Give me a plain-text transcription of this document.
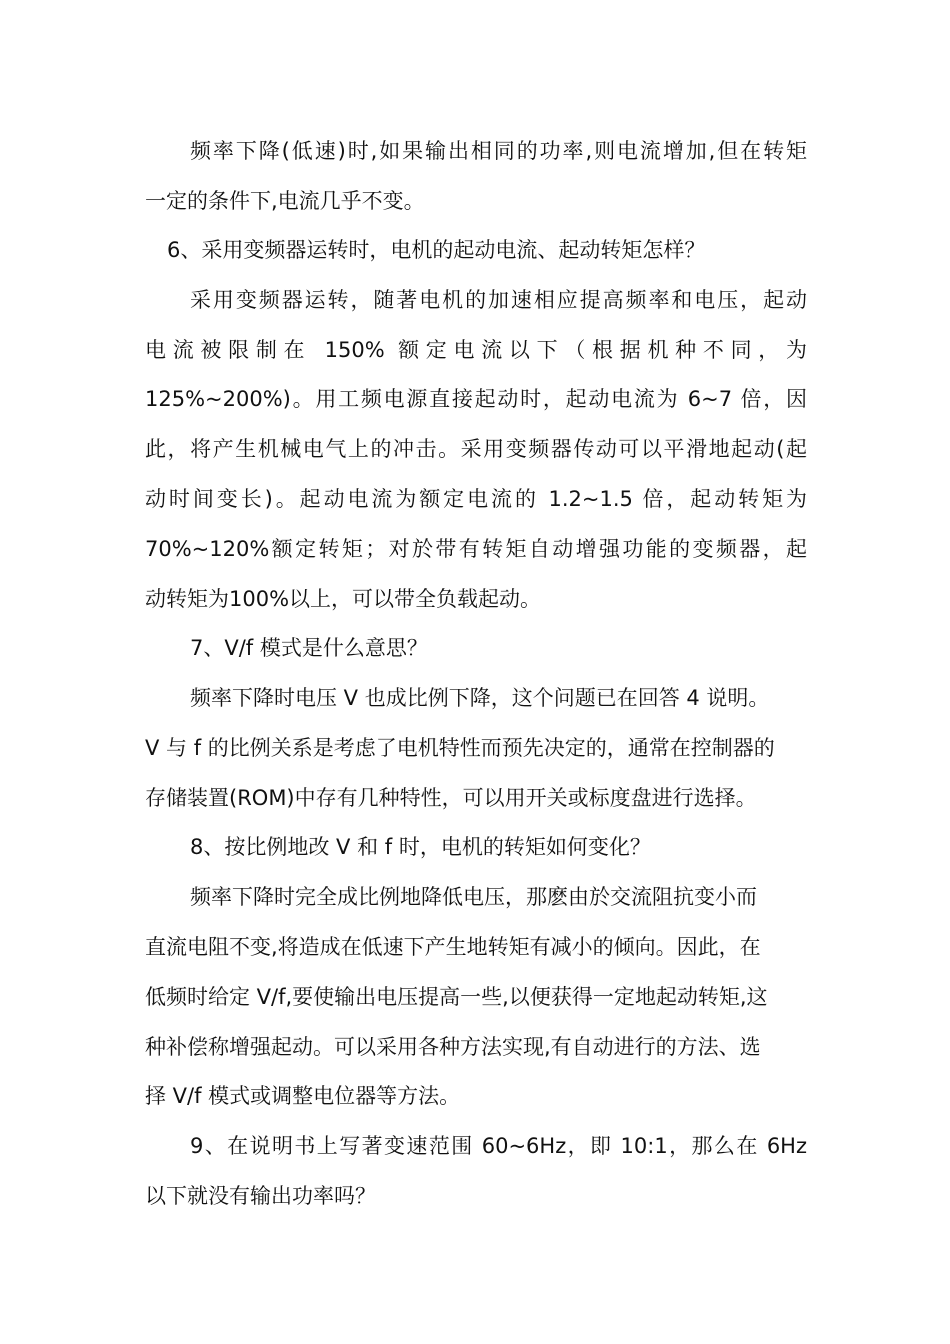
频率下降(低速)时,如果输出相同的功率,则电流增加,但在转矩
一定的条件下,电流几乎不变。
6、采用变频器运转时，电机的起动电流、起动转矩怎样？
采用变频器运转，随著电机的加速相应提高频率和电压，起动
电流被限制在 150% 额定电流以下（根据机种不同，为
125%~200%)。用工频电源直接起动时，起动电流为 6~7 倍，因
此，将产生机械电气上的冲击。采用变频器传动可以平滑地起动(起
动时间变长)。起动电流为额定电流的 1.2~1.5 倍，起动转矩为
70%~120%额定转矩；对於带有转矩自动增强功能的变频器，起
动转矩为100%以上，可以带全负载起动。
7、V/f 模式是什么意思？
频率下降时电压 V 也成比例下降，这个问题已在回答 4 说明。
V 与 f 的比例关系是考虑了电机特性而预先决定的，通常在控制器的
存储装置(ROM)中存有几种特性，可以用开关或标度盘进行选择。
8、按比例地改 V 和 f 时，电机的转矩如何变化？
频率下降时完全成比例地降低电压，那麽由於交流阻抗变小而
直流电阻不变,将造成在低速下产生地转矩有减小的倾向。因此，在
低频时给定 V/f,要使输出电压提高一些,以便获得一定地起动转矩,这
种补偿称增强起动。可以采用各种方法实现,有自动进行的方法、选
择 V/f 模式或调整电位器等方法。
9、在说明书上写著变速范围 60~6Hz，即 10:1，那么在 6Hz
以下就没有输出功率吗？
